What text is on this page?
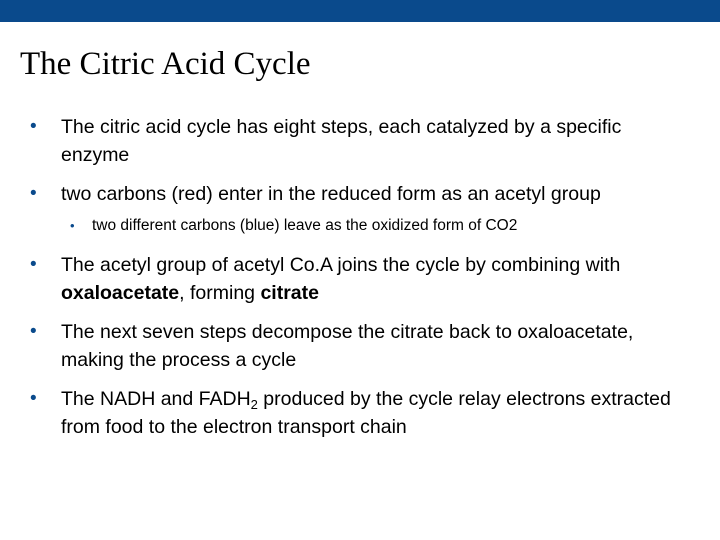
The Citric Acid Cycle
• The citric acid cycle has eight steps, each catalyzed by a specific enzyme
• two carbons (red) enter in the reduced form as an acetyl group
• two different carbons (blue) leave as the oxidized form of CO2
• The acetyl group of acetyl Co.A joins the cycle by combining with oxaloacetate, forming citrate
• The next seven steps decompose the citrate back to oxaloacetate, making the process a cycle
• The NADH and $FADH_2$ produced by the cycle relay electrons extracted from food to the electron transport chain
